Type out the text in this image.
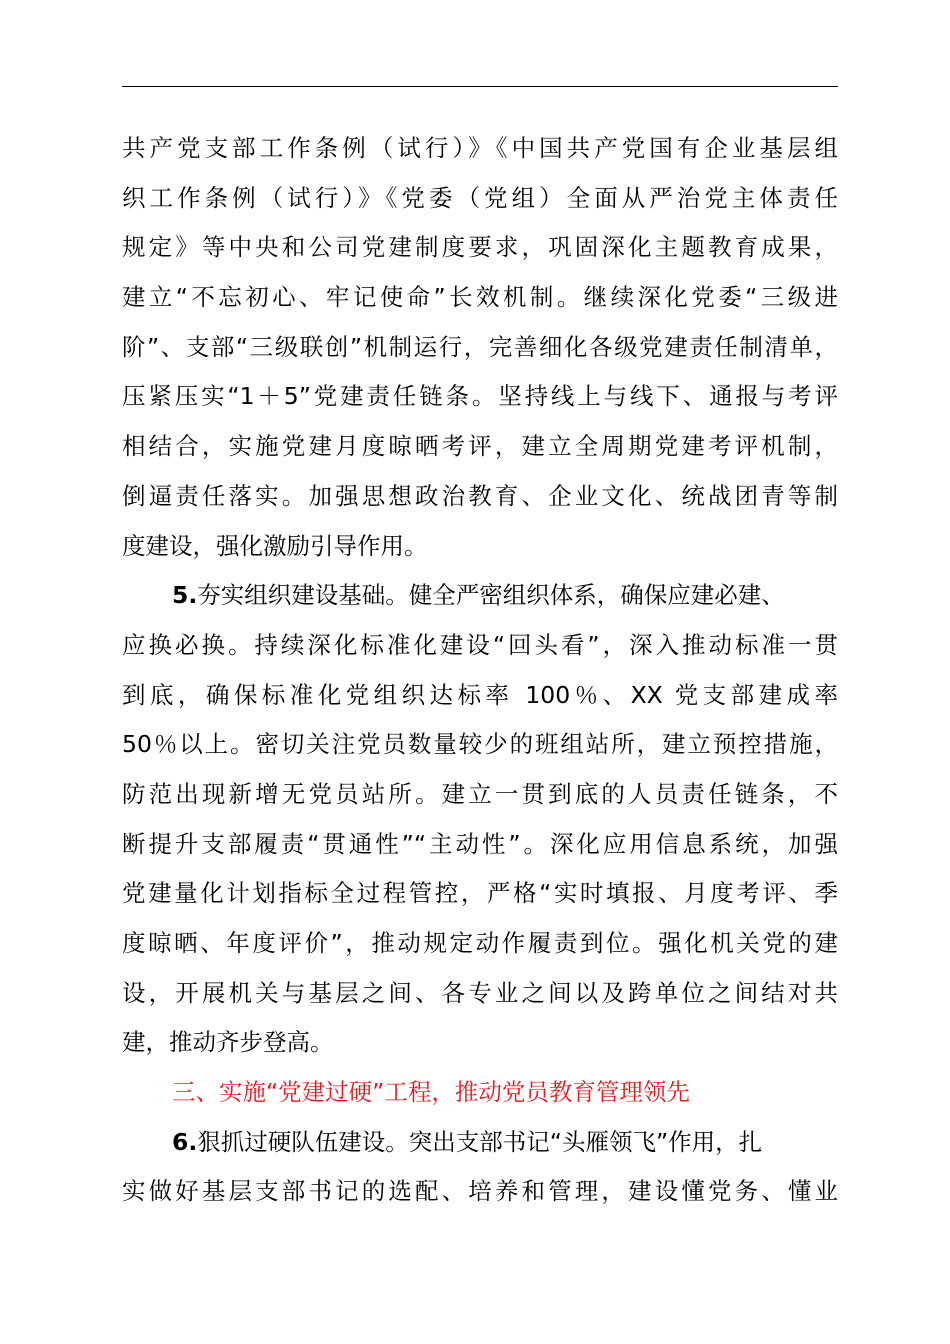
共产党支部工作条例（试行）》《中国共产党国有企业基层组
织工作条例（试行）》《党委（党组）全面从严治党主体责任
规定》等中央和公司党建制度要求，巩固深化主题教育成果，
建立“不忘初心、牢记使命”长效机制。继续深化党委“三级进
阶”、支部“三级联创”机制运行，完善细化各级党建责任制清单，
压紧压实“1＋5”党建责任链条。坚持线上与线下、通报与考评
相结合，实施党建月度晾晒考评，建立全周期党建考评机制，
倒逼责任落实。加强思想政治教育、企业文化、统战团青等制
度建设，强化激励引导作用。
5.夯实组织建设基础。健全严密组织体系，确保应建必建、
应换必换。持续深化标准化建设“回头看”，深入推动标准一贯
到底，确保标准化党组织达标率 100％、XX 党支部建成率
50％以上。密切关注党员数量较少的班组站所，建立预控措施，
防范出现新增无党员站所。建立一贯到底的人员责任链条，不
断提升支部履责“贯通性”“主动性”。深化应用信息系统，加强
党建量化计划指标全过程管控，严格“实时填报、月度考评、季
度晾晒、年度评价”，推动规定动作履责到位。强化机关党的建
设，开展机关与基层之间、各专业之间以及跨单位之间结对共
建，推动齐步登高。
三、实施“党建过硬”工程，推动党员教育管理领先
6.狠抓过硬队伍建设。突出支部书记“头雁领飞”作用，扎
实做好基层支部书记的选配、培养和管理，建设懂党务、懂业
